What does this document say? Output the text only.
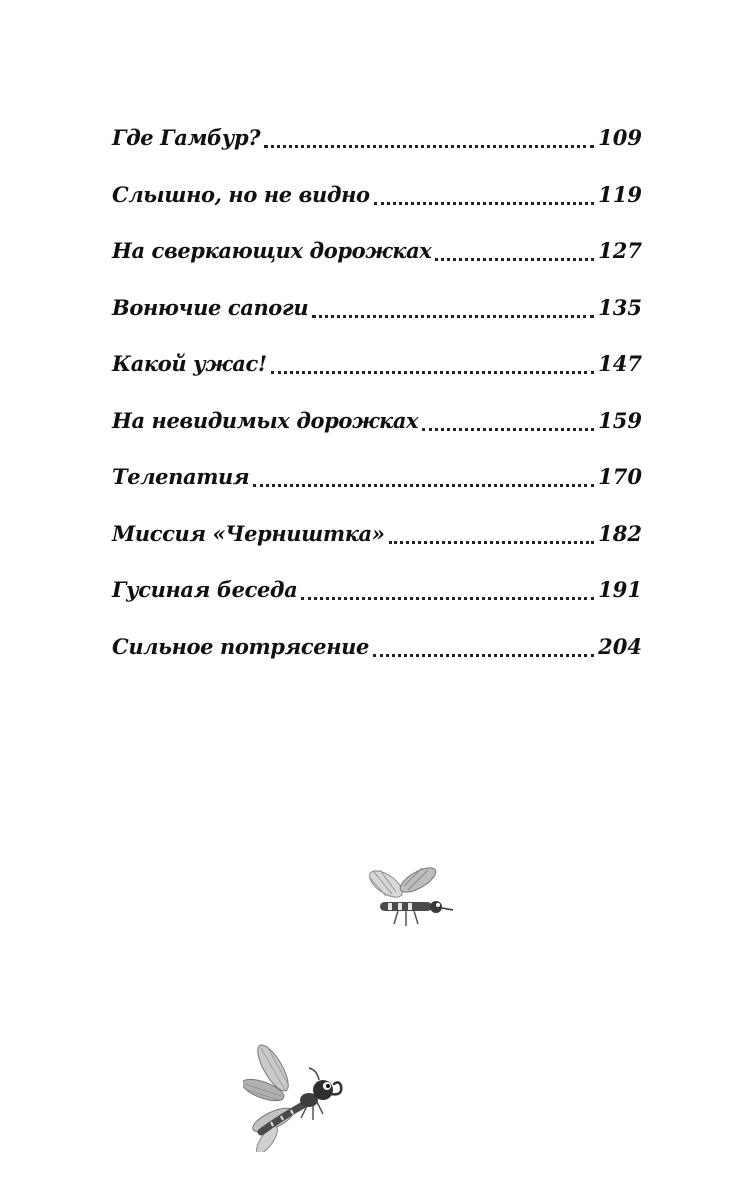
Где Гамбур?	109
Слышно, но не видно	119
На сверкающих дорожках	127
Вонючие сапоги	135
Какой ужас!	147
На невидимых дорожках	159
Телепатия	170
Миссия «Черништка»	182
Гусиная беседа	191
Сильное потрясение	204
